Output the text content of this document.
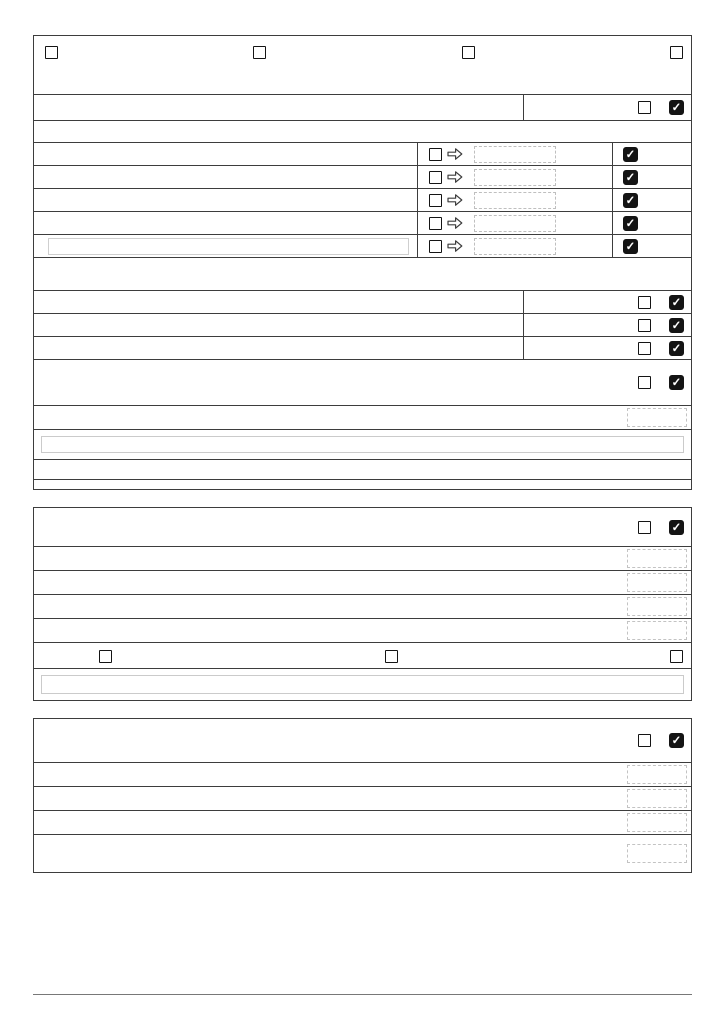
✓
✓
✓
✓
✓
✓
✓
✓
✓
✓
✓
✓
